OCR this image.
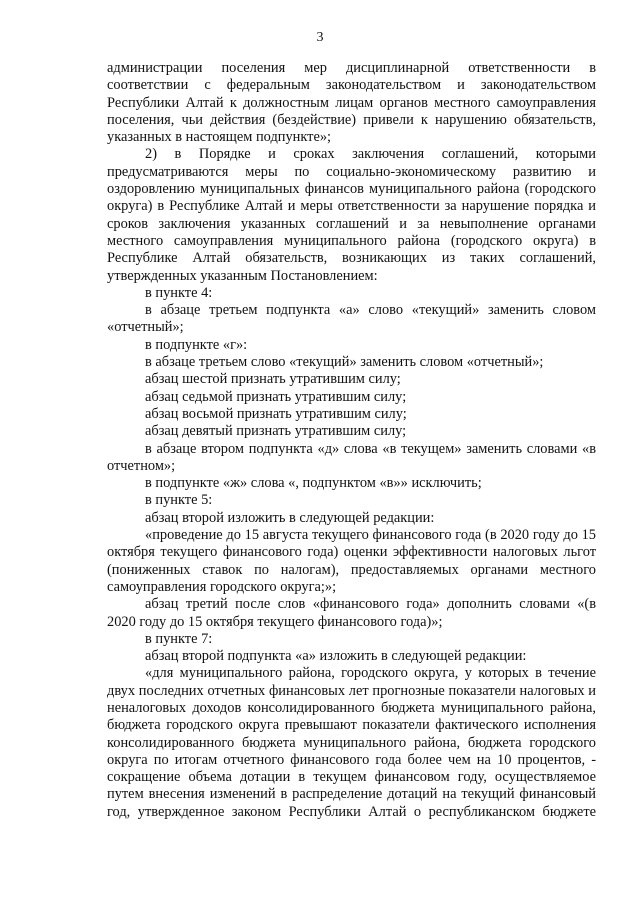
3

администрации поселения мер дисциплинарной ответственности в соответствии с федеральным законодательством и законодательством Республики Алтай к должностным лицам органов местного самоуправления поселения, чьи действия (бездействие) привели к нарушению обязательств, указанных в настоящем подпункте»;

2) в Порядке и сроках заключения соглашений, которыми предусматриваются меры по социально-экономическому развитию и оздоровлению муниципальных финансов муниципального района (городского округа) в Республике Алтай и меры ответственности за нарушение порядка и сроков заключения указанных соглашений и за невыполнение органами местного самоуправления муниципального района (городского округа) в Республике Алтай обязательств, возникающих из таких соглашений, утвержденных указанным Постановлением:

в пункте 4:

в абзаце третьем подпункта «а» слово «текущий» заменить словом «отчетный»;

в подпункте «г»:

в абзаце третьем слово «текущий» заменить словом «отчетный»;

абзац шестой признать утратившим силу;

абзац седьмой признать утратившим силу;

абзац восьмой признать утратившим силу;

абзац девятый признать утратившим силу;

в абзаце втором подпункта «д» слова «в текущем» заменить словами «в отчетном»;

в подпункте «ж» слова «, подпунктом «в»» исключить;

в пункте 5:

абзац второй изложить в следующей редакции:

«проведение до 15 августа текущего финансового года (в 2020 году до 15 октября текущего финансового года) оценки эффективности налоговых льгот (пониженных ставок по налогам), предоставляемых органами местного самоуправления городского округа;»;

абзац третий после слов «финансового года» дополнить словами «(в 2020 году до 15 октября текущего финансового года)»;

в пункте 7:

абзац второй подпункта «а» изложить в следующей редакции:

«для муниципального района, городского округа, у которых в течение двух последних отчетных финансовых лет прогнозные показатели налоговых и неналоговых доходов консолидированного бюджета муниципального района, бюджета городского округа превышают показатели фактического исполнения консолидированного бюджета муниципального района, бюджета городского округа по итогам отчетного финансового года более чем на 10 процентов, - сокращение объема дотации в текущем финансовом году, осуществляемое путем внесения изменений в распределение дотаций на текущий финансовый год, утвержденное законом Республики Алтай о республиканском бюджете
